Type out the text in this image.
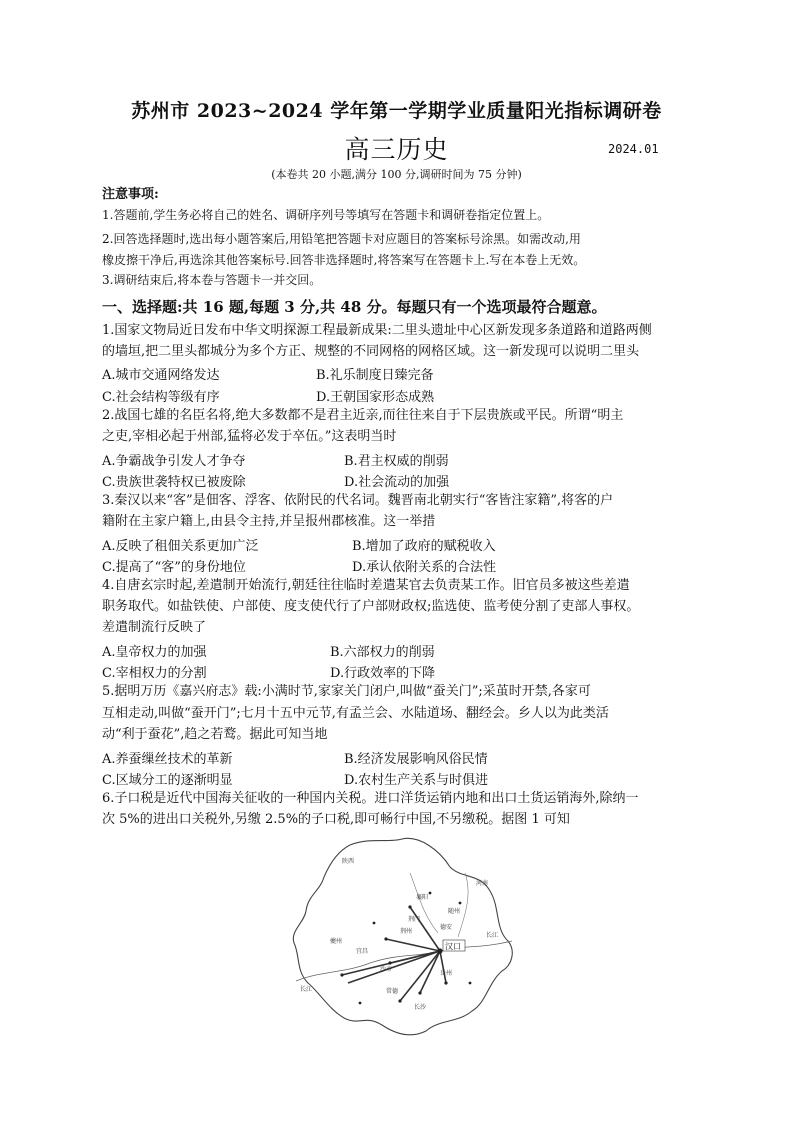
苏州市 2023~2024 学年第一学期学业质量阳光指标调研卷
高三历史	2024.01
(本卷共 20 小题,满分 100 分,调研时间为 75 分钟)
注意事项:
1.答题前,学生务必将自己的姓名、调研序列号等填写在答题卡和调研卷指定位置上。
2.回答选择题时,选出每小题答案后,用铅笔把答题卡对应题目的答案标号涂黑。如需改动,用
橡皮擦干净后,再选涂其他答案标号.回答非选择题时,将答案写在答题卡上.写在本卷上无效。
3.调研结束后,将本卷与答题卡一并交回。
一、选择题:共 16 题,每题 3 分,共 48 分。每题只有一个选项最符合题意。
1.国家文物局近日发布中华文明探源工程最新成果:二里头遗址中心区新发现多条道路和道路两侧
的墙垣,把二里头都城分为多个方正、规整的不同网格的网格区域。这一新发现可以说明二里头
A.城市交通网络发达	B.礼乐制度日臻完备
C.社会结构等级有序	D.王朝国家形态成熟
2.战国七雄的名臣名将,绝大多数都不是君主近亲,而往往来自于下层贵族或平民。所谓“明主
之吏,宰相必起于州部,猛将必发于卒伍。”这表明当时
A.争霸战争引发人才争夺	B.君主权威的削弱
C.贵族世袭特权已被废除	D.社会流动的加强
3.秦汉以来“客”是佃客、浮客、依附民的代名词。魏晋南北朝实行“客皆注家籍”,将客的户
籍附在主家户籍上,由县令主持,并呈报州郡核准。这一举措
A.反映了租佃关系更加广泛	B.增加了政府的赋税收入
C.提高了“客”的身份地位	D.承认依附关系的合法性
4.自唐玄宗时起,差遣制开始流行,朝廷往往临时差遣某官去负责某工作。旧官员多被这些差遣
职务取代。如盐铁使、户部使、度支使代行了户部财政权;监选使、监考使分割了吏部人事权。
差遣制流行反映了
A.皇帝权力的加强	B.六部权力的削弱
C.宰相权力的分割	D.行政效率的下降
5.据明万历《嘉兴府志》载:小满时节,家家关门闭户,叫做“蚕关门”;采茧时开禁,各家可
互相走动,叫做“蚕开门”;七月十五中元节,有孟兰会、水陆道场、翻经会。乡人以为此类活
动“利于蚕花”,趋之若鹜。据此可知当地
A.养蚕缫丝技术的革新	B.经济发展影响风俗民情
C.区域分工的逐渐明显	D.农村生产关系与时俱进
6.子口税是近代中国海关征收的一种国内关税。进口洋货运销内地和出口土货运销海外,除纳一
次 5%的进出口关税外,另缴 2.5%的子口税,即可畅行中国,不另缴税。据图 1 可知
陕西
河南
长江
长江
荆州
襄阳
宜昌
沙市
岳州
长沙
荆门
常德
夔州
德安
随州
汉口
